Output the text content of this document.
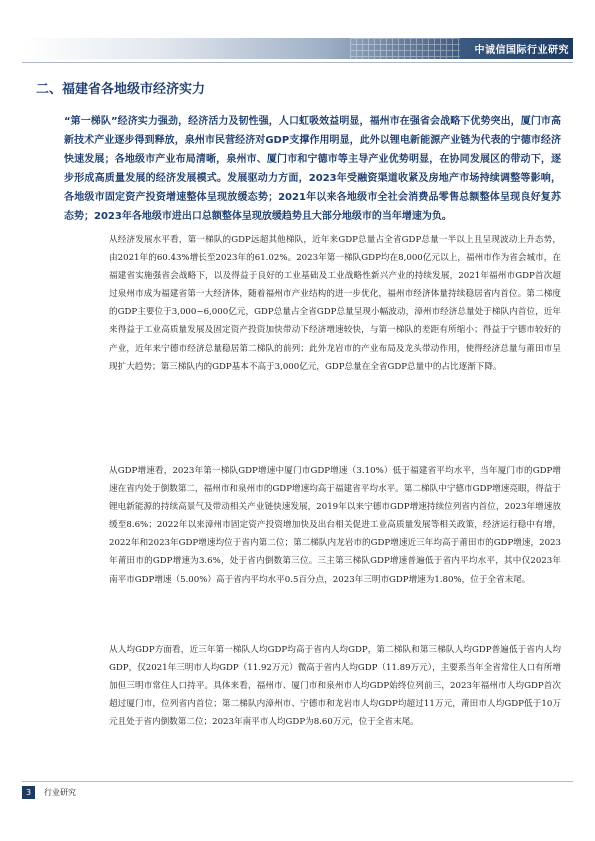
中诚信国际行业研究
二、福建省各地级市经济实力
“第一梯队”经济实力强劲，经济活力及韧性强，人口虹吸效益明显，福州市在强省会战略下优势突出，厦门市高新技术产业逐步得到释放，泉州市民营经济对GDP支撑作用明显，此外以锂电新能源产业链为代表的宁德市经济快速发展；各地级市产业布局清晰，泉州市、厦门市和宁德市等主导产业优势明显，在协同发展区的带动下，逐步形成高质量发展的经济发展模式。发展驱动力方面，2023年受融资渠道收紧及房地产市场持续调整等影响，各地级市固定资产投资增速整体呈现放缓态势；2021年以来各地级市全社会消费品零售总额整体呈现良好复苏态势；2023年各地级市进出口总额整体呈现放缓趋势且大部分地级市的当年增速为负。
从经济发展水平看，第一梯队的GDP远超其他梯队，近年来GDP总量占全省GDP总量一半以上且呈现波动上升态势，由2021年的60.43%增长至2023年的61.02%。2023年第一梯队GDP均在8,000亿元以上，福州市作为省会城市，在福建省实施强省会战略下，以及得益于良好的工业基础及工业战略性新兴产业的持续发展，2021年福州市GDP首次超过泉州市成为福建省第一大经济体，随着福州市产业结构的进一步优化，福州市经济体量持续稳居省内首位。第二梯度的GDP主要位于3,000~6,000亿元，GDP总量占全省GDP总量呈现小幅波动，漳州市经济总量处于梯队内首位，近年来得益于工业高质量发展及固定资产投资加快带动下经济增速较快，与第一梯队的差距有所缩小；得益于宁德市较好的产业，近年来宁德市经济总量稳居第二梯队的前列；此外龙岩市的产业布局及龙头带动作用，使得经济总量与莆田市呈现扩大趋势；第三梯队内的GDP基本不高于3,000亿元，GDP总量在全省GDP总量中的占比逐渐下降。
从GDP增速看，2023年第一梯队GDP增速中厦门市GDP增速（3.10%）低于福建省平均水平，当年厦门市的GDP增速在省内处于倒数第二，福州市和泉州市的GDP增速均高于福建省平均水平。第二梯队中宁德市GDP增速亮眼，得益于锂电新能源的持续高景气及带动相关产业链快速发展，2019年以来宁德市GDP增速持续位列省内首位，2023年增速放缓至8.6%；2022年以来漳州市固定资产投资增加快及出台相关促进工业高质量发展等相关政策，经济运行稳中有增，2022年和2023年GDP增速均位于省内第二位；第二梯队内龙岩市的GDP增速近三年均高于莆田市的GDP增速，2023年莆田市的GDP增速为3.6%，处于省内倒数第三位。三主第三梯队GDP增速普遍低于省内平均水平，其中仅2023年南平市GDP增速（5.00%）高于省内平均水平0.5百分点，2023年三明市GDP增速为1.80%，位于全省末尾。
从人均GDP方面看，近三年第一梯队人均GDP均高于省内人均GDP，第二梯队和第三梯队人均GDP普遍低于省内人均GDP，仅2021年三明市人均GDP（11.92万元）微高于省内人均GDP（11.89万元），主要系当年全省常住人口有所增加但三明市常住人口持平。具体来看，福州市、厦门市和泉州市人均GDP始终位列前三，2023年福州市人均GDP首次超过厦门市，位列省内首位；第二梯队内漳州市、宁德市和龙岩市人均GDP均超过11万元，莆田市人均GDP低于10万元且处于省内倒数第二位；2023年南平市人均GDP为8.60万元，位于全省末尾。
3	行业研究
